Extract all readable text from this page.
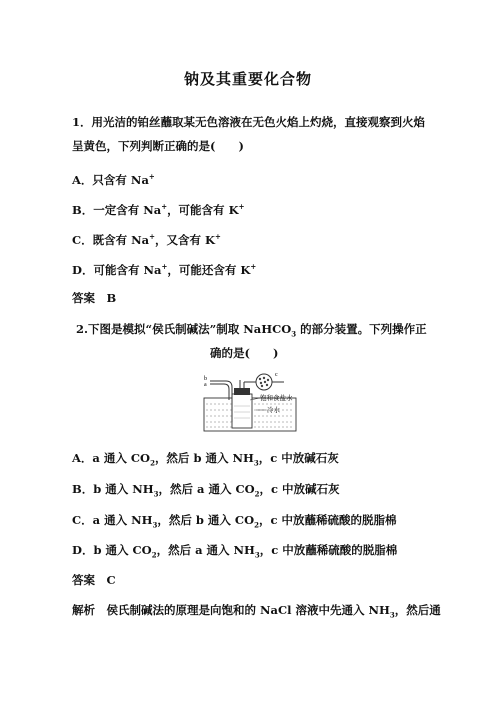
钠及其重要化合物
1．用光洁的铂丝蘸取某无色溶液在无色火焰上灼烧，直接观察到火焰呈黄色，下列判断正确的是(　　)
A．只含有 Na+
B．一定含有 Na+，可能含有 K+
C．既含有 Na+，又含有 K+
D．可能含有 Na+，可能还含有 K+
答案　B
2.下图是模拟“侯氏制碱法”制取 NaHCO$_3$ 的部分装置。下列操作正
确的是(　　)
b
a
c
饱和食盐水
冷水
A．a 通入 $CO_2$，然后 b 通入 $NH_3$，c 中放碱石灰
B．b 通入 $NH_3$，然后 a 通入 $CO_2$，c 中放碱石灰
C．a 通入 $NH_3$，然后 b 通入 $CO_2$，c 中放蘸稀硫酸的脱脂棉
D．b 通入 $CO_2$，然后 a 通入 $NH_3$，c 中放蘸稀硫酸的脱脂棉
答案　C
解析　侯氏制碱法的原理是向饱和的 NaCl 溶液中先通入 $NH_3$，然后通
